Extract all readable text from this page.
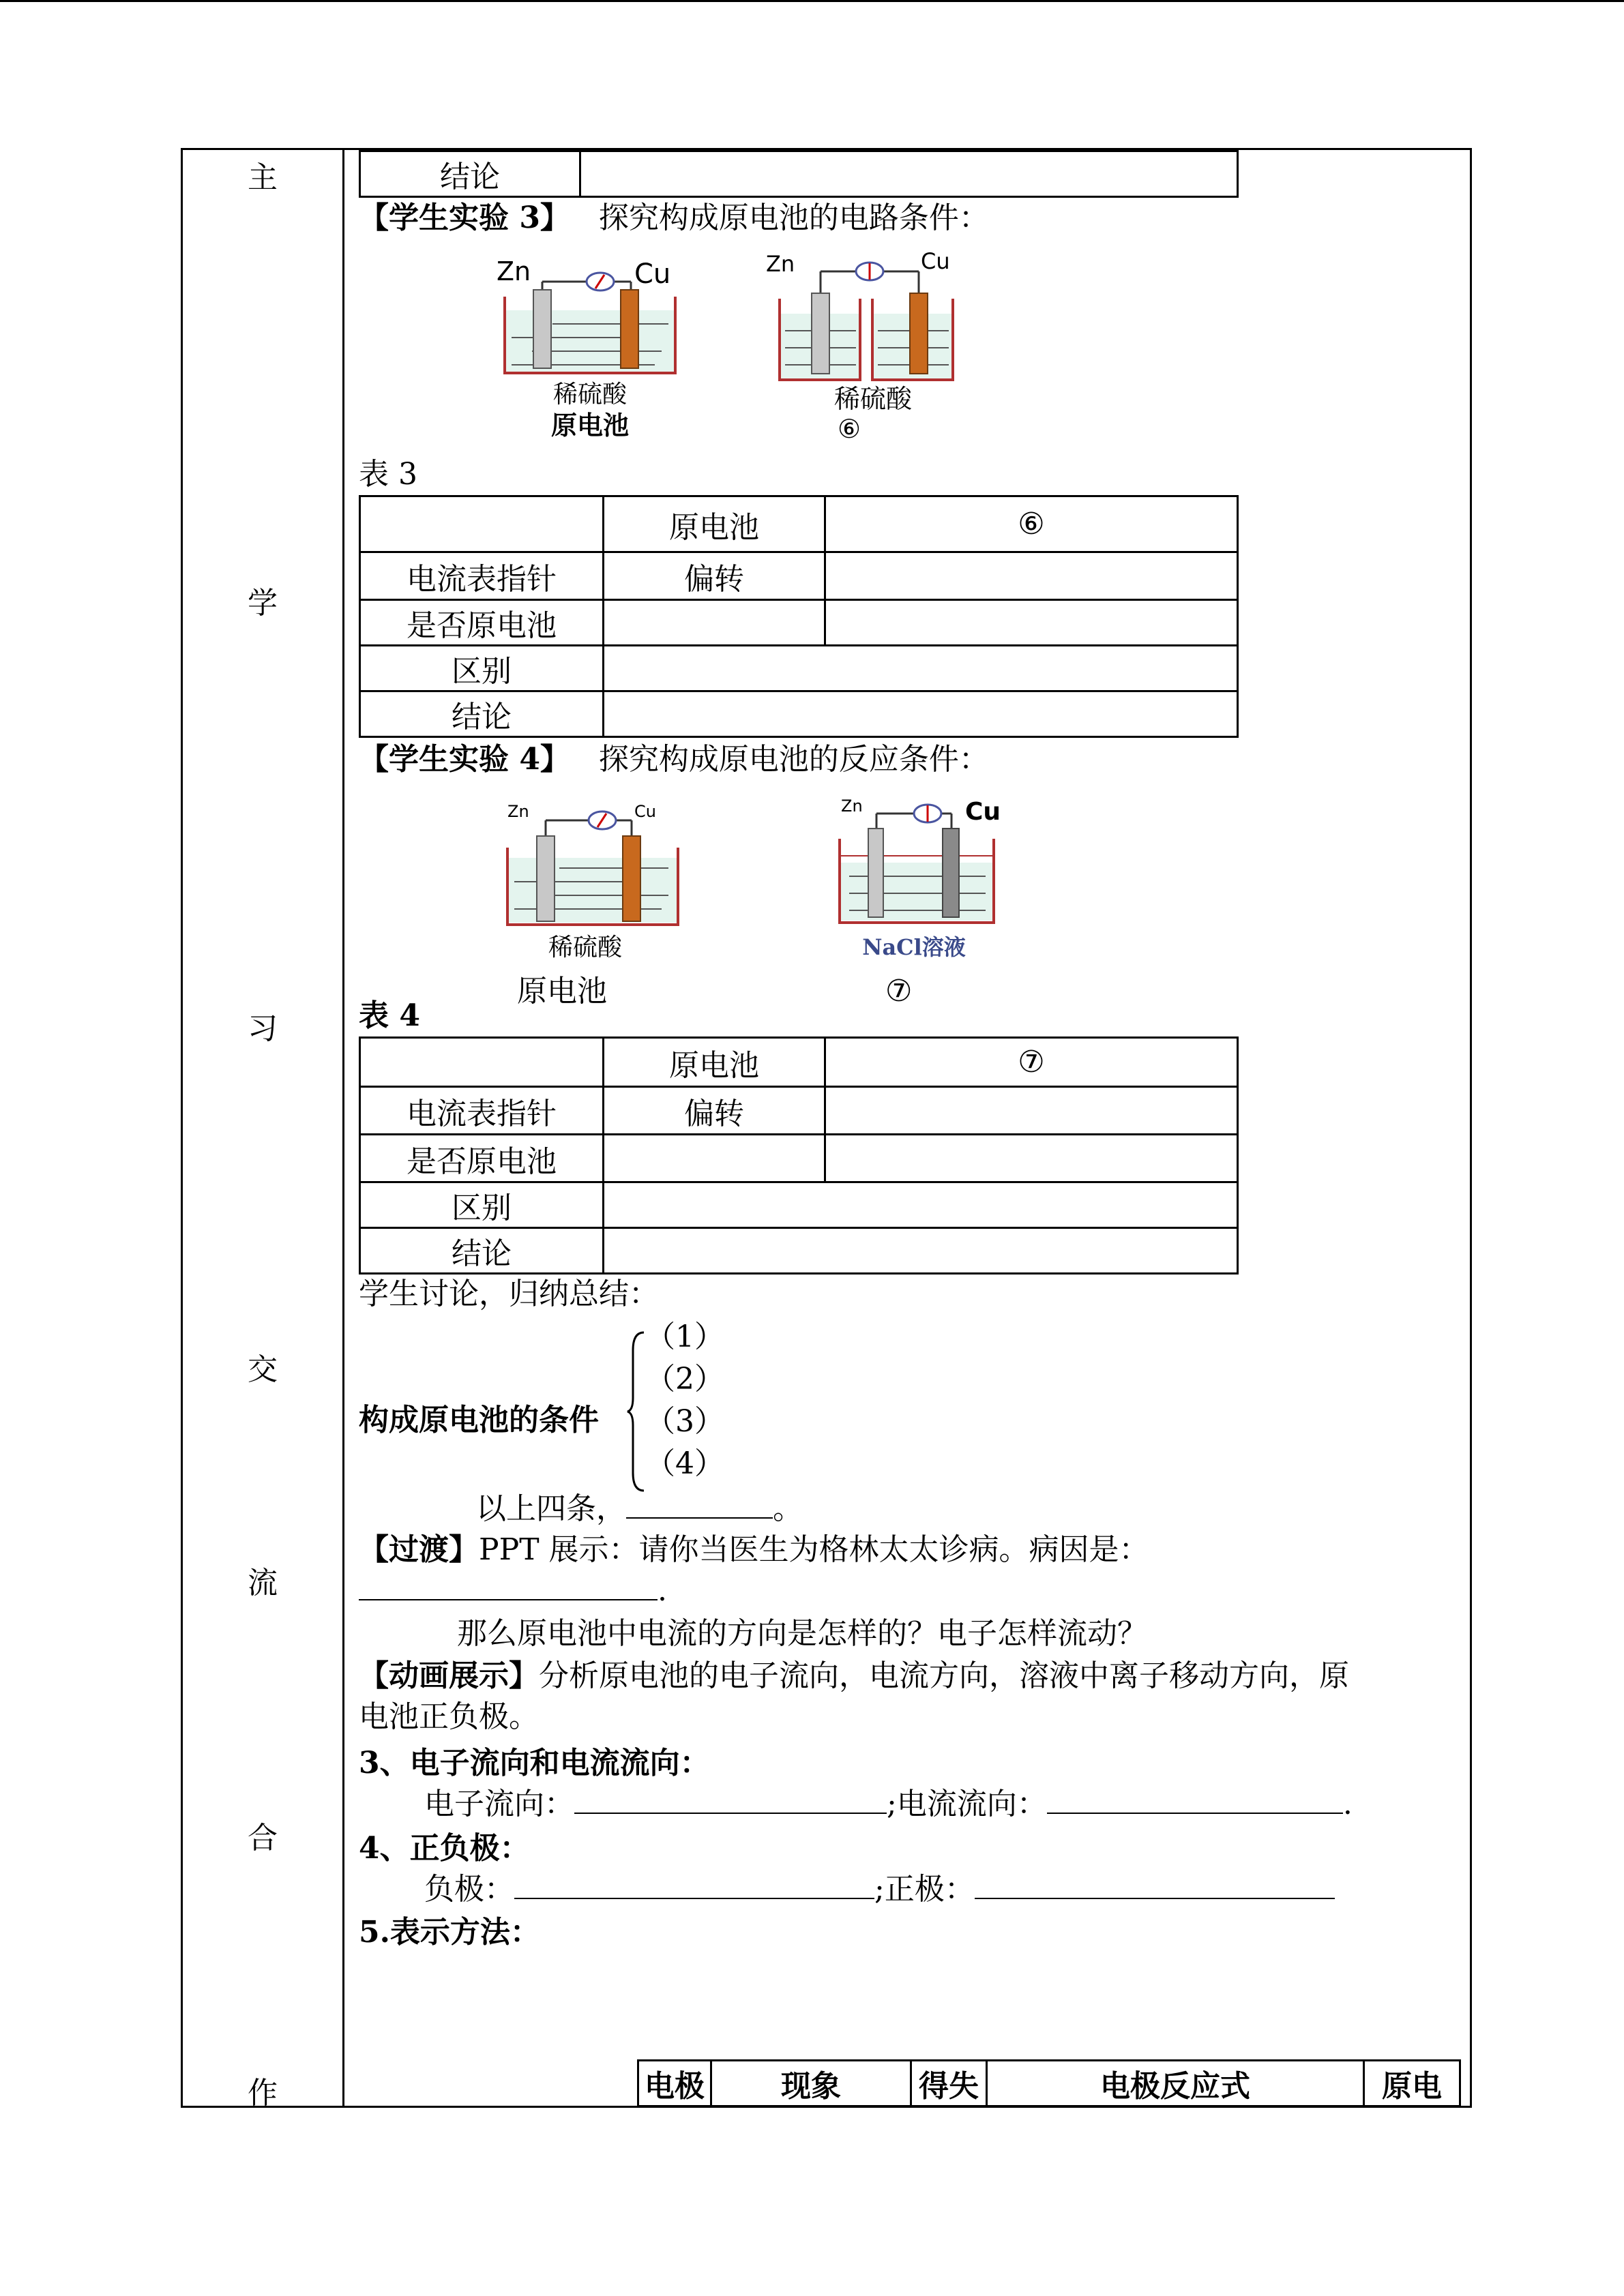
主
学
习
交
流
合
作
结论	
【学生实验 3】 探究构成原电池的电路条件：
Zn	Cu
稀硫酸
原电池
Zn	Cu
稀硫酸
⑥
表 3
	原电池	⑥
电流表指针	偏转	
是否原电池		
区别		
结论		
【学生实验 4】 探究构成原电池的反应条件：
Zn	Cu
稀硫酸
原电池
Zn	Cu
NaCl溶液
⑦
表 4
	原电池	⑦
电流表指针	偏转	
是否原电池		
区别		
结论		
学生讨论，归纳总结：
构成原电池的条件
（1）
（2）
（3）
（4）
以上四条，	。
【过渡】PPT 展示：请你当医生为格林太太诊病。病因是：
.
那么原电池中电流的方向是怎样的？电子怎样流动？
【动画展示】分析原电池的电子流向，电流方向，溶液中离子移动方向，原
电池正负极。
3、电子流向和电流流向：
电子流向：	;电流流向：	.
4、正负极：
负极：	;正极：
5.表示方法：
电极	现象	得失	电极反应式	原电
